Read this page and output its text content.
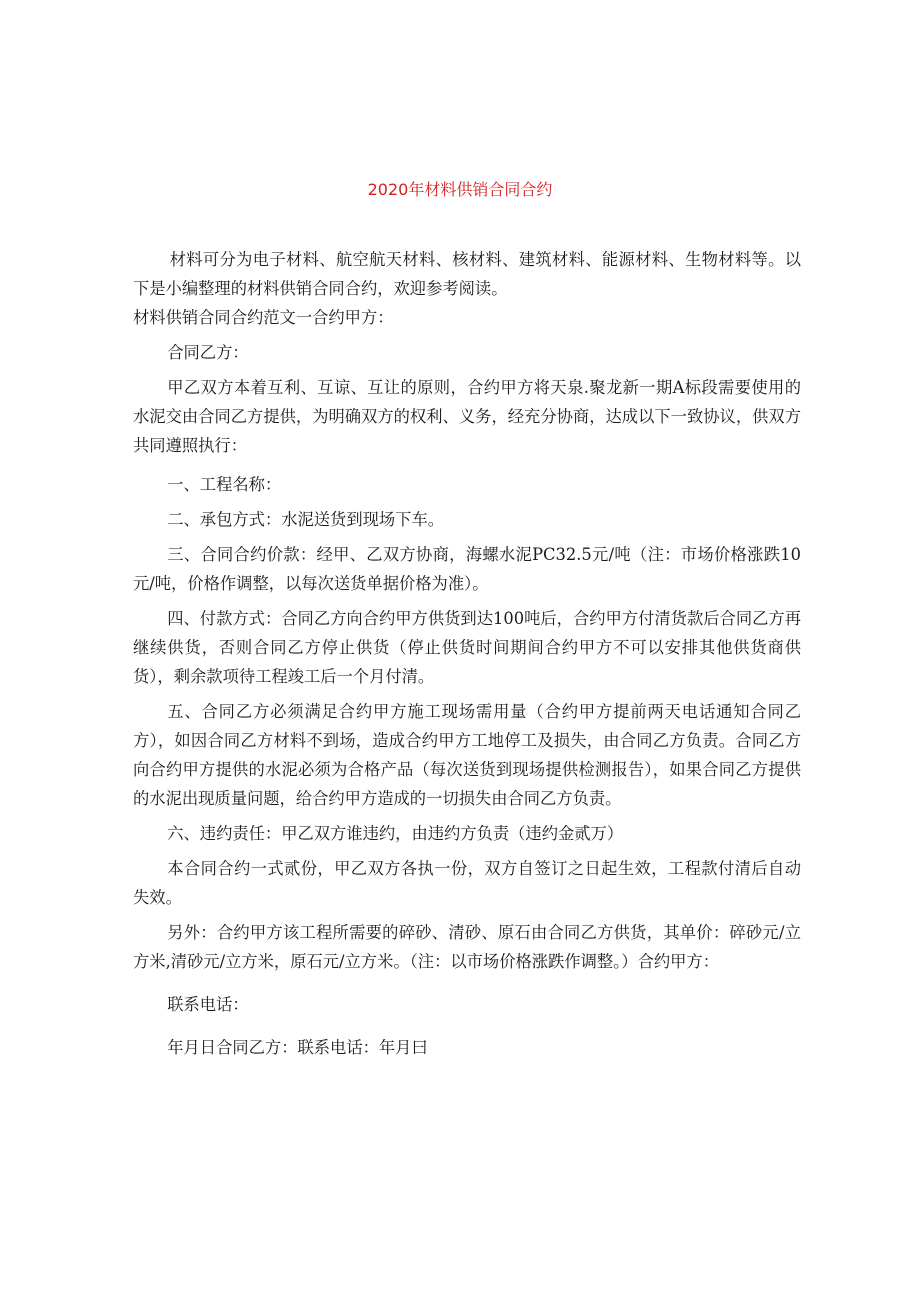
2020年材料供销合同合约

材料可分为电子材料、航空航天材料、核材料、建筑材料、能源材料、生物材料等。以下是小编整理的材料供销合同合约，欢迎参考阅读。

材料供销合同合约范文一合约甲方：

合同乙方：

甲乙双方本着互利、互谅、互让的原则，合约甲方将天泉.聚龙新一期A标段需要使用的水泥交由合同乙方提供，为明确双方的权利、义务，经充分协商，达成以下一致协议，供双方共同遵照执行：

一、工程名称：

二、承包方式：水泥送货到现场下车。

三、合同合约价款：经甲、乙双方协商，海螺水泥PC32.5元/吨（注：市场价格涨跌10元/吨，价格作调整，以每次送货单据价格为准）。

四、付款方式：合同乙方向合约甲方供货到达100吨后，合约甲方付清货款后合同乙方再继续供货，否则合同乙方停止供货（停止供货时间期间合约甲方不可以安排其他供货商供货），剩余款项待工程竣工后一个月付清。

五、合同乙方必须满足合约甲方施工现场需用量（合约甲方提前两天电话通知合同乙方），如因合同乙方材料不到场，造成合约甲方工地停工及损失，由合同乙方负责。合同乙方向合约甲方提供的水泥必须为合格产品（每次送货到现场提供检测报告），如果合同乙方提供的水泥出现质量问题，给合约甲方造成的一切损失由合同乙方负责。

六、违约责任：甲乙双方谁违约，由违约方负责（违约金贰万）

本合同合约一式贰份，甲乙双方各执一份，双方自签订之日起生效，工程款付清后自动失效。

另外：合约甲方该工程所需要的碎砂、清砂、原石由合同乙方供货，其单价：碎砂元/立方米,清砂元/立方米，原石元/立方米。（注：以市场价格涨跌作调整。）合约甲方：

联系电话：

年月日合同乙方：联系电话：年月曰
